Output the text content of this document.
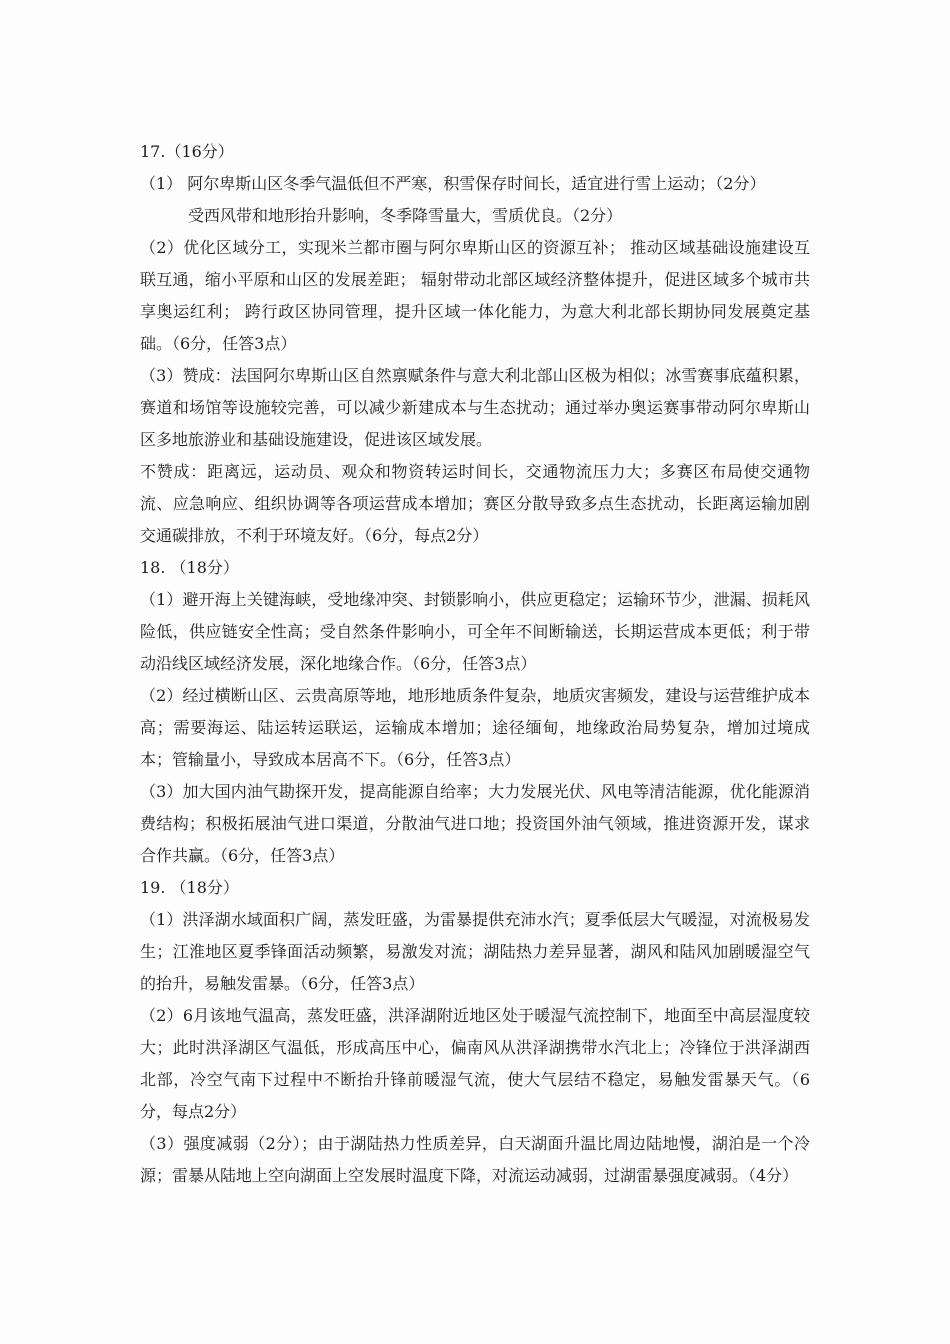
17.（16分）
（1） 阿尔卑斯山区冬季气温低但不严寒，积雪保存时间长，适宜进行雪上运动；（2分）
受西风带和地形抬升影响，冬季降雪量大，雪质优良。（2分）
（2）优化区域分工，实现米兰都市圈与阿尔卑斯山区的资源互补； 推动区域基础设施建设互联互通，缩小平原和山区的发展差距； 辐射带动北部区域经济整体提升，促进区域多个城市共享奥运红利； 跨行政区协同管理，提升区域一体化能力，为意大利北部长期协同发展奠定基础。（6分，任答3点）
（3）赞成：法国阿尔卑斯山区自然禀赋条件与意大利北部山区极为相似；冰雪赛事底蕴积累，赛道和场馆等设施较完善，可以减少新建成本与生态扰动；通过举办奥运赛事带动阿尔卑斯山区多地旅游业和基础设施建设，促进该区域发展。
不赞成：距离远，运动员、观众和物资转运时间长，交通物流压力大；多赛区布局使交通物流、应急响应、组织协调等各项运营成本增加；赛区分散导致多点生态扰动，长距离运输加剧交通碳排放，不利于环境友好。（6分，每点2分）
18. （18分）
（1）避开海上关键海峡，受地缘冲突、封锁影响小，供应更稳定；运输环节少，泄漏、损耗风险低，供应链安全性高；受自然条件影响小，可全年不间断输送，长期运营成本更低；利于带动沿线区域经济发展，深化地缘合作。（6分，任答3点）
（2）经过横断山区、云贵高原等地，地形地质条件复杂，地质灾害频发，建设与运营维护成本高；需要海运、陆运转运联运，运输成本增加；途径缅甸，地缘政治局势复杂，增加过境成本；管输量小，导致成本居高不下。（6分，任答3点）
（3）加大国内油气勘探开发，提高能源自给率；大力发展光伏、风电等清洁能源，优化能源消费结构；积极拓展油气进口渠道，分散油气进口地；投资国外油气领域，推进资源开发，谋求合作共赢。（6分，任答3点）
19. （18分）
（1）洪泽湖水域面积广阔，蒸发旺盛，为雷暴提供充沛水汽；夏季低层大气暖湿，对流极易发生；江淮地区夏季锋面活动频繁，易激发对流；湖陆热力差异显著，湖风和陆风加剧暖湿空气的抬升，易触发雷暴。（6分，任答3点）
（2）6月该地气温高，蒸发旺盛，洪泽湖附近地区处于暖湿气流控制下，地面至中高层湿度较大；此时洪泽湖区气温低，形成高压中心，偏南风从洪泽湖携带水汽北上；冷锋位于洪泽湖西北部，冷空气南下过程中不断抬升锋前暖湿气流，使大气层结不稳定，易触发雷暴天气。（6分，每点2分）
（3）强度减弱（2分）；由于湖陆热力性质差异，白天湖面升温比周边陆地慢，湖泊是一个冷源；雷暴从陆地上空向湖面上空发展时温度下降，对流运动减弱，过湖雷暴强度减弱。（4分）
